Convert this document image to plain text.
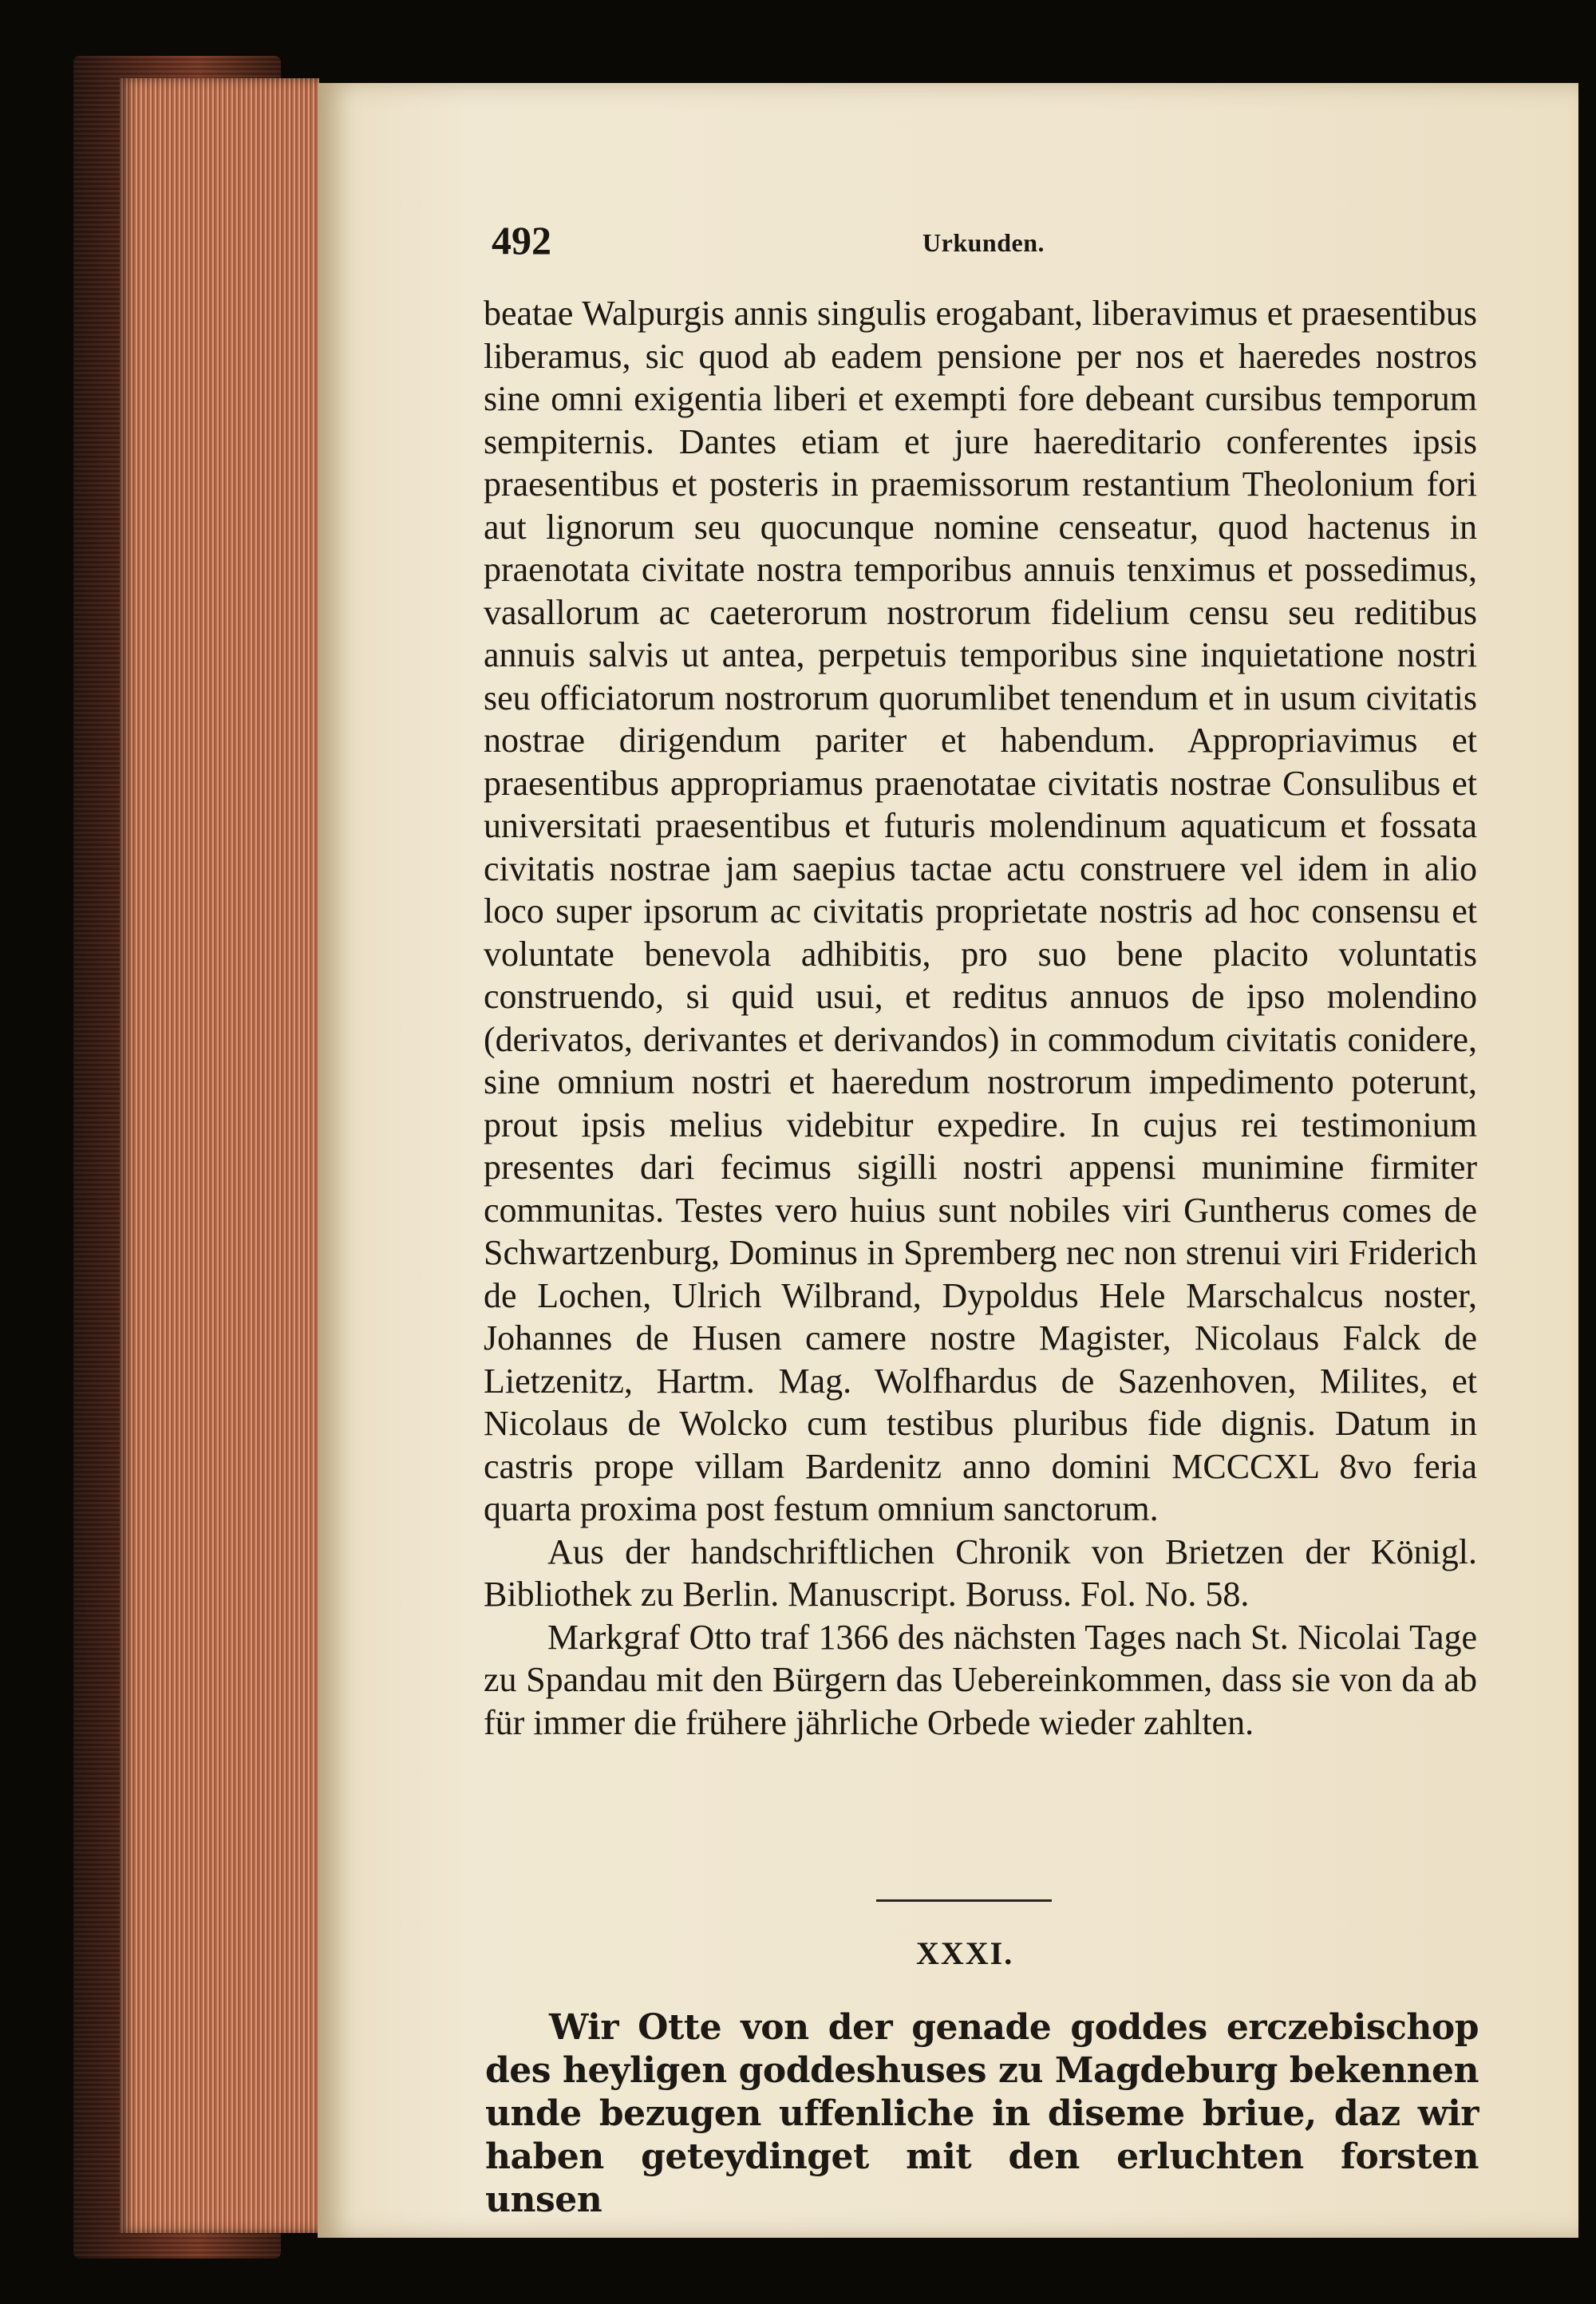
492	Urkunden.

beatae Walpurgis annis singulis erogabant, liberavimus et praesentibus liberamus, sic quod ab eadem pensione per nos et haeredes nostros sine omni exigentia liberi et exempti fore debeant cursibus temporum sempiternis. Dantes etiam et jure haereditario conferentes ipsis praesentibus et posteris in praemissorum restantium Theolonium fori aut lignorum seu quocunque nomine censeatur, quod hactenus in praenotata civitate nostra temporibus annuis tenximus et possedimus, vasallorum ac caeterorum nostrorum fidelium censu seu reditibus annuis salvis ut antea, perpetuis temporibus sine inquietatione nostri seu officiatorum nostrorum quorumlibet tenendum et in usum civitatis nostrae dirigendum pariter et habendum. Appropriavimus et praesentibus appropriamus praenotatae civitatis nostrae Consulibus et universitati praesentibus et futuris molendinum aquaticum et fossata civitatis nostrae jam saepius tactae actu construere vel idem in alio loco super ipsorum ac civitatis proprietate nostris ad hoc consensu et voluntate benevola adhibitis, pro suo bene placito voluntatis construendo, si quid usui, et reditus annuos de ipso molendino (derivatos, derivantes et derivandos) in commodum civitatis conidere, sine omnium nostri et haeredum nostrorum impedimento poterunt, prout ipsis melius videbitur expedire. In cujus rei testimonium presentes dari fecimus sigilli nostri appensi munimine firmiter communitas. Testes vero huius sunt nobiles viri Guntherus comes de Schwartzenburg, Dominus in Spremberg nec non strenui viri Friderich de Lochen, Ulrich Wilbrand, Dypoldus Hele Marschalcus noster, Johannes de Husen camere nostre Magister, Nicolaus Falck de Lietzenitz, Hartm. Mag. Wolfhardus de Sazenhoven, Milites, et Nicolaus de Wolcko cum testibus pluribus fide dignis. Datum in castris prope villam Bardenitz anno domini MCCCXL 8vo feria quarta proxima post festum omnium sanctorum.

Aus der handschriftlichen Chronik von Brietzen der Königl. Bibliothek zu Berlin. Manuscript. Boruss. Fol. No. 58.

Markgraf Otto traf 1366 des nächsten Tages nach St. Nicolai Tage zu Spandau mit den Bürgern das Uebereinkommen, dass sie von da ab für immer die frühere jährliche Orbede wieder zahlten.

XXXI.

Wir Otte von der genade goddes erczebischop des heyligen goddeshuses zu Magdeburg bekennen unde bezugen uffenliche in diseme briue, daz wir haben geteydinget mit den erluchten forsten unsen
